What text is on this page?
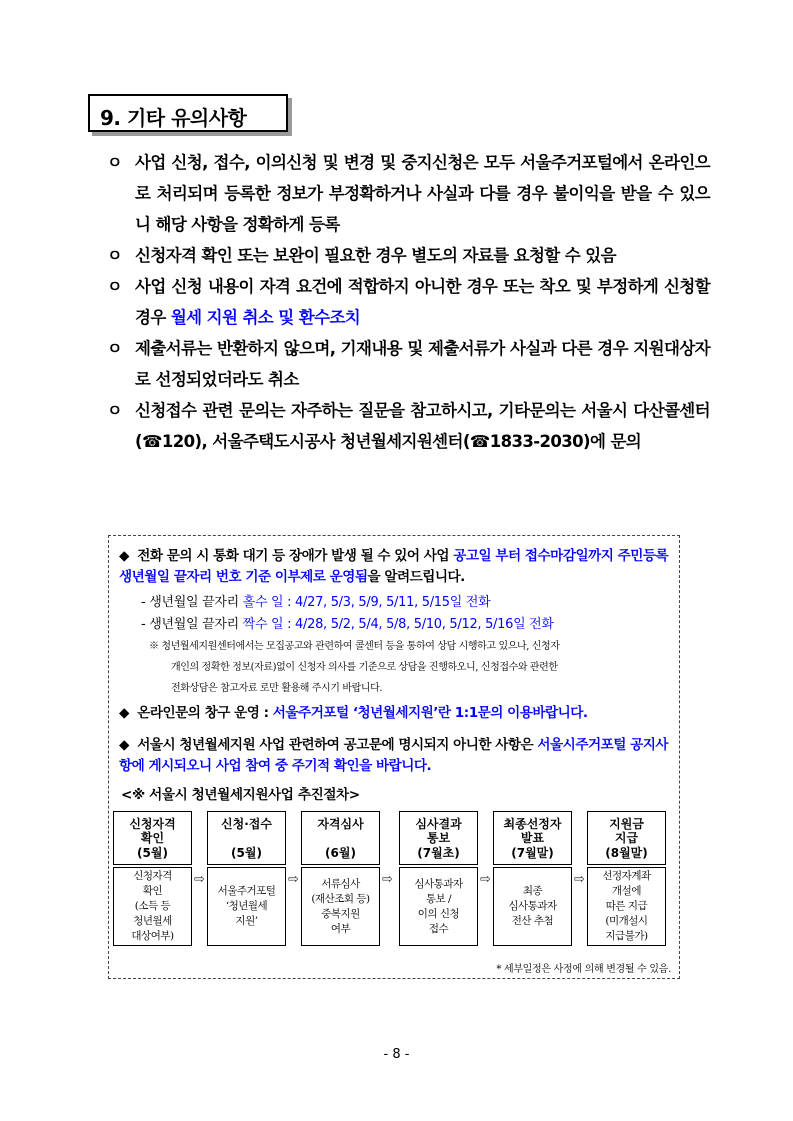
9. 기타 유의사항
ㅇ 사업 신청, 접수, 이의신청 및 변경 및 중지신청은 모두 서울주거포털에서 온라인으로 처리되며 등록한 정보가 부정확하거나 사실과 다를 경우 불이익을 받을 수 있으니 해당 사항을 정확하게 등록
ㅇ 신청자격 확인 또는 보완이 필요한 경우 별도의 자료를 요청할 수 있음
ㅇ 사업 신청 내용이 자격 요건에 적합하지 아니한 경우 또는 착오 및 부정하게 신청할 경우 월세 지원 취소 및 환수조치
ㅇ 제출서류는 반환하지 않으며, 기재내용 및 제출서류가 사실과 다른 경우 지원대상자로 선정되었더라도 취소
ㅇ 신청접수 관련 문의는 자주하는 질문을 참고하시고, 기타문의는 서울시 다산콜센터(☎120), 서울주택도시공사 청년월세지원센터(☎1833-2030)에 문의

◆ 전화 문의 시 통화 대기 등 장애가 발생 될 수 있어 사업 공고일 부터 접수마감일까지 주민등록 생년월일 끝자리 번호 기준 이부제로 운영됨을 알려드립니다.

- 생년월일 끝자리 홀수 일 : 4/27, 5/3, 5/9, 5/11, 5/15일 전화

- 생년월일 끝자리 짝수 일 : 4/28, 5/2, 5/4, 5/8, 5/10, 5/12, 5/16일 전화

※ 청년월세지원센터에서는 모집공고와 관련하여 콜센터 등을 통하여 상담 시행하고 있으나, 신청자
개인의 정확한 정보(자료)없이 신청자 의사를 기준으로 상담을 진행하오니, 신청접수와 관련한
전화상담은 참고자료 로만 활용해 주시기 바랍니다.

◆ 온라인문의 창구 운영 : 서울주거포털 ‘청년월세지원’란 1:1문의 이용바랍니다.

◆ 서울시 청년월세지원 사업 관련하여 공고문에 명시되지 아니한 사항은 서울시주거포털 공지사항에 게시되오니 사업 참여 중 주기적 확인을 바랍니다.

<※ 서울시 청년월세지원사업 추진절차>
신청자격
확인
(5월)
신청자격
확인
(소득 등
청년월세
대상여부)
⇨
신청·접수
(5월)
서울주거포털
‘청년월세
지원’
⇨
자격심사
(6월)
서류심사
(재산조회 등)
중복지원
여부
⇨
심사결과
통보
(7월초)
심사통과자
통보 /
이의 신청
접수
⇨
최종선정자
발표
(7월말)
최종
심사통과자
전산 추첨
⇨
지원금
지급
(8월말)
선정자계좌
개설에
따른 지급
(미개설시
지급불가)
* 세부일정은 사정에 의해 변경될 수 있음.
- 8 -
